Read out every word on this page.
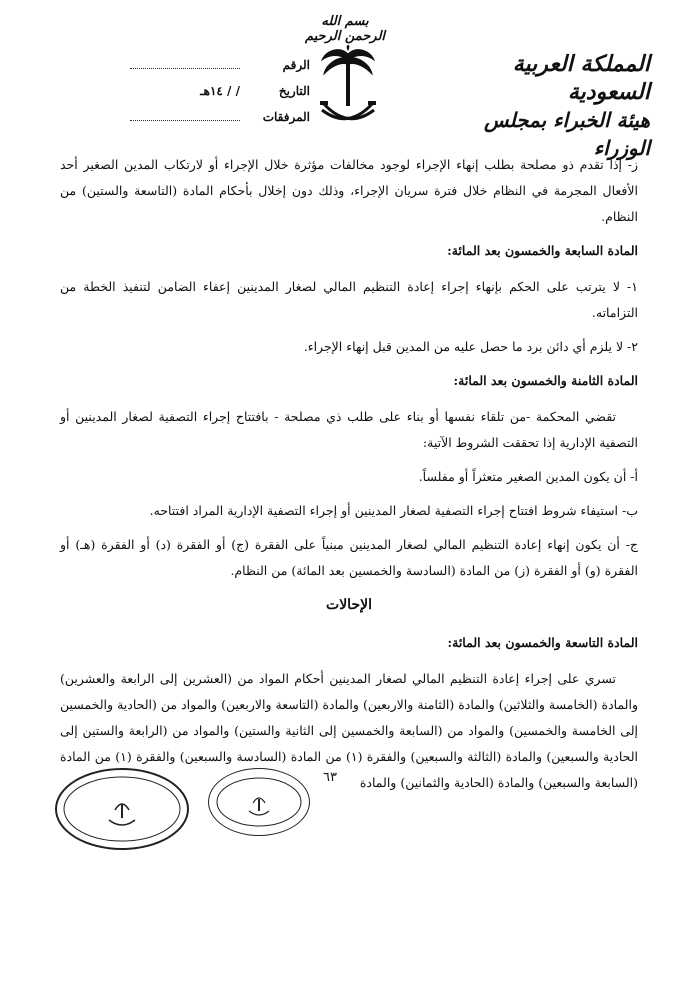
بسم الله الرحمن الرحيم
المملكة العربية السعودية
هيئة الخبراء بمجلس الوزراء
الرقم
التاريخ
/ / ١٤هـ
المرفقات

ز- إذا تقدم ذو مصلحة بطلب إنهاء الإجراء لوجود مخالفات مؤثرة خلال الإجراء أو لارتكاب المدين الصغير أحد الأفعال المجرمة في النظام خلال فترة سريان الإجراء، وذلك دون إخلال بأحكام المادة (التاسعة والستين) من النظام.

المادة السابعة والخمسون بعد المائة:

١- لا يترتب على الحكم بإنهاء إجراء إعادة التنظيم المالي لصغار المدينين إعفاء الضامن لتنفيذ الخطة من التزاماته.

٢- لا يلزم أي دائن برد ما حصل عليه من المدين قبل إنهاء الإجراء.

المادة الثامنة والخمسون بعد المائة:

تقضي المحكمة -من تلقاء نفسها أو بناء على طلب ذي مصلحة - بافتتاح إجراء التصفية لصغار المدينين أو التصفية الإدارية إذا تحققت الشروط الآتية:

أ- أن يكون المدين الصغير متعثراً أو مفلساً.

ب- استيفاء شروط افتتاح إجراء التصفية لصغار المدينين أو إجراء التصفية الإدارية المراد افتتاحه.

ج- أن يكون إنهاء إعادة التنظيم المالي لصغار المدينين مبنياً على الفقرة (ج) أو الفقرة (د) أو الفقرة (هـ) أو الفقرة (و) أو الفقرة (ز) من المادة (السادسة والخمسين بعد المائة) من النظام.

الإحالات

المادة التاسعة والخمسون بعد المائة:

تسري على إجراء إعادة التنظيم المالي لصغار المدينين أحكام المواد من (العشرين إلى الرابعة والعشرين) والمادة (الخامسة والثلاثين) والمادة (الثامنة والاربعين) والمادة (التاسعة والاربعين) والمواد من (الحادية والخمسين إلى الخامسة والخمسين) والمواد من (السابعة والخمسين إلى الثانية والستين) والمواد من (الرابعة والستين إلى الحادية والسبعين) والمادة (الثالثة والسبعين) والفقرة (١) من المادة (السادسة والسبعين) والفقرة (١) من المادة (السابعة والسبعين) والمادة (الحادية والثمانين) والمادة

٦٣
